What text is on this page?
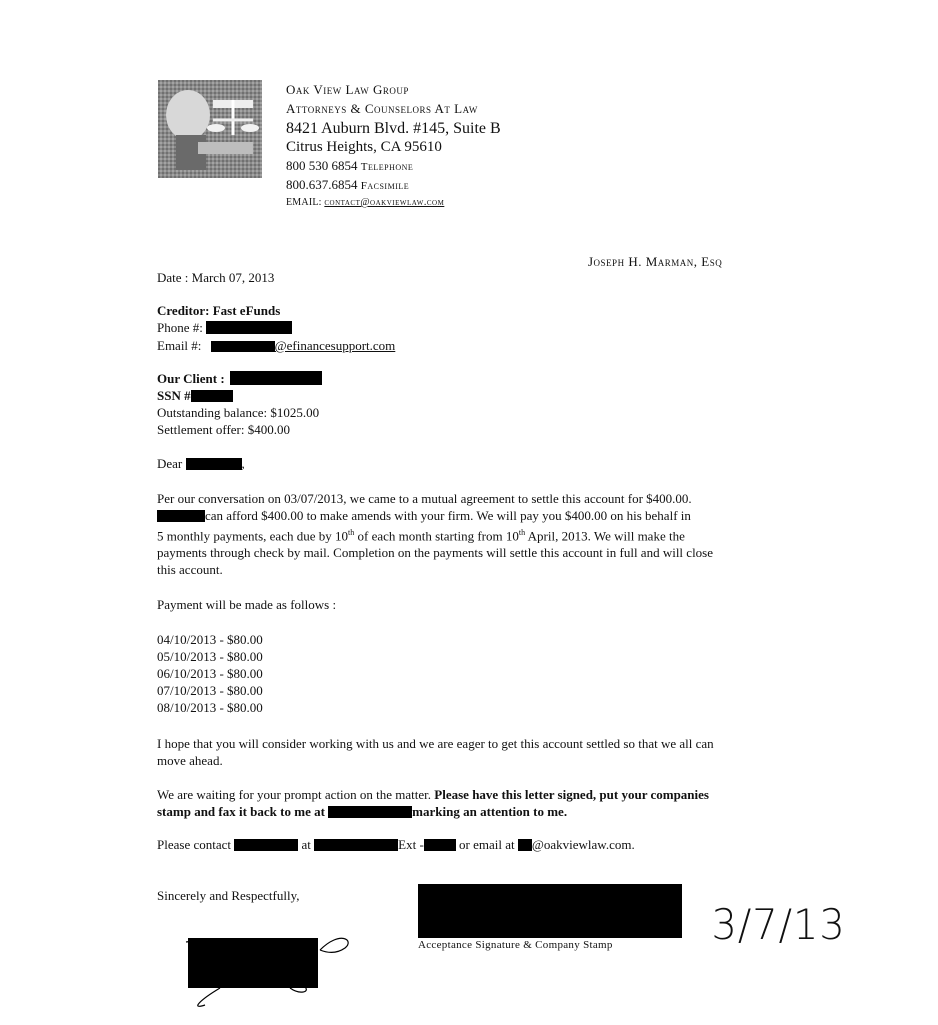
Oak View Law Group
Attorneys & Counselors At Law
8421 Auburn Blvd. #145, Suite B
Citrus Heights, CA 95610
800 530 6854 Telephone
800.637.6854 Facsimile
EMAIL: contact@oakviewlaw.com
Joseph H. Marman, Esq
Date : March 07, 2013
Creditor: Fast eFunds
Phone #:
Email #:	@efinancesupport.com
Our Client :
SSN #
Outstanding balance: $1025.00
Settlement offer: $400.00
Dear	,
Per our conversation on 03/07/2013, we came to a mutual agreement to settle this account for $400.00.
can afford $400.00 to make amends with your firm. We will pay you $400.00 on his behalf in
5 monthly payments, each due by 10th of each month starting from 10th April, 2013. We will make the
payments through check by mail. Completion on the payments will settle this account in full and will close
this account.
Payment will be made as follows :
04/10/2013 - $80.00
05/10/2013 - $80.00
06/10/2013 - $80.00
07/10/2013 - $80.00
08/10/2013 - $80.00
I hope that you will consider working with us and we are eager to get this account settled so that we all can
move ahead.
We are waiting for your prompt action on the matter. Please have this letter signed, put your companies
stamp and fax it back to me at	marking an attention to me.
Please contact	at	Ext -	or email at @oakviewlaw.com.
Sincerely and Respectfully,
Acceptance Signature & Company Stamp 3/7/13
